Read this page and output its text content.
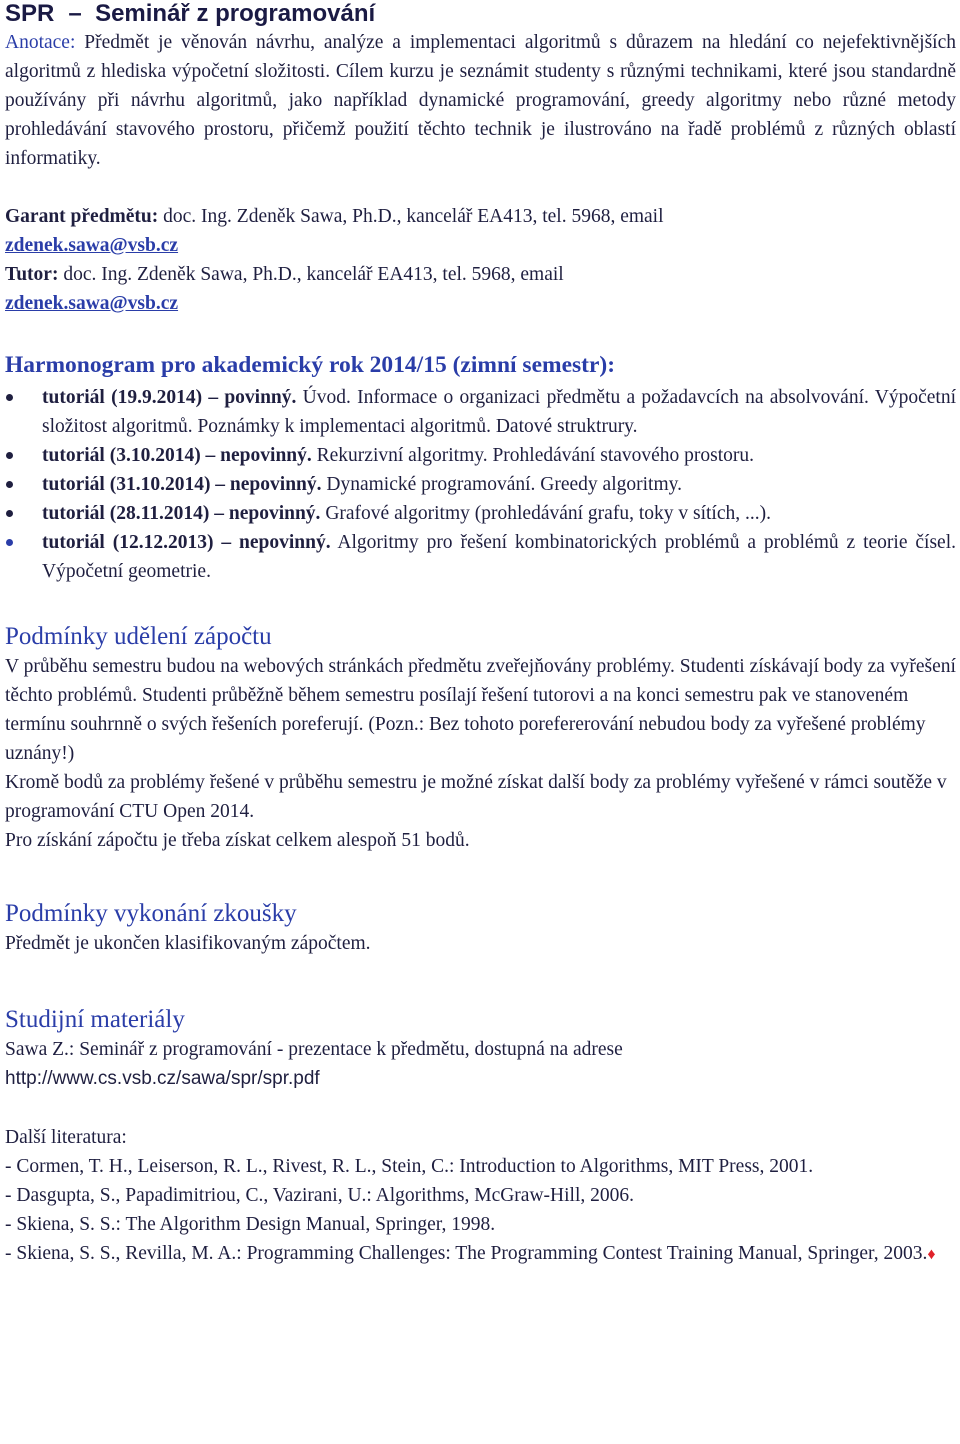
SPR – Seminář z programování

Anotace: Předmět je věnován návrhu, analýze a implementaci algoritmů s důrazem na hledání co nejefektivnějších algoritmů z hlediska výpočetní složitosti. Cílem kurzu je seznámit studenty s různými technikami, které jsou standardně používány při návrhu algoritmů, jako například dynamické programování, greedy algoritmy nebo různé metody prohledávání stavového prostoru, přičemž použití těchto technik je ilustrováno na řadě problémů z různých oblastí informatiky.

Garant předmětu: doc. Ing. Zdeněk Sawa, Ph.D., kancelář EA413, tel. 5968, email
zdenek.sawa@vsb.cz

Tutor: doc. Ing. Zdeněk Sawa, Ph.D., kancelář EA413, tel. 5968, email
zdenek.sawa@vsb.cz

Harmonogram pro akademický rok 2014/15 (zimní semestr):
tutoriál (19.9.2014) – povinný. Úvod. Informace o organizaci předmětu a požadavcích na absolvování. Výpočetní složitost algoritmů. Poznámky k implementaci algoritmů. Datové struktrury.
tutoriál (3.10.2014) – nepovinný. Rekurzivní algoritmy. Prohledávání stavového prostoru.
tutoriál (31.10.2014) – nepovinný. Dynamické programování. Greedy algoritmy.
tutoriál (28.11.2014) – nepovinný. Grafové algoritmy (prohledávání grafu, toky v sítích, ...).
tutoriál (12.12.2013) – nepovinný. Algoritmy pro řešení kombinatorických problémů a problémů z teorie čísel. Výpočetní geometrie.
Podmínky udělení zápočtu

V průběhu semestru budou na webových stránkách předmětu zveřejňovány problémy. Studenti získávají body za vyřešení těchto problémů. Studenti průběžně během semestru posílají řešení tutorovi a na konci semestru pak ve stanoveném termínu souhrnně o svých řešeních poreferují. (Pozn.: Bez tohoto porefererování nebudou body za vyřešené problémy uznány!)

Kromě bodů za problémy řešené v průběhu semestru je možné získat další body za problémy vyřešené v rámci soutěže v programování CTU Open 2014.

Pro získání zápočtu je třeba získat celkem alespoň 51 bodů.

Podmínky vykonání zkoušky

Předmět je ukončen klasifikovaným zápočtem.

Studijní materiály

Sawa Z.: Seminář z programování - prezentace k předmětu, dostupná na adrese
http://www.cs.vsb.cz/sawa/spr/spr.pdf

Další literatura:

- Cormen, T. H., Leiserson, R. L., Rivest, R. L., Stein, C.: Introduction to Algorithms, MIT Press, 2001.

- Dasgupta, S., Papadimitriou, C., Vazirani, U.: Algorithms, McGraw-Hill, 2006.

- Skiena, S. S.: The Algorithm Design Manual, Springer, 1998.

- Skiena, S. S., Revilla, M. A.: Programming Challenges: The Programming Contest Training Manual, Springer, 2003.♦
